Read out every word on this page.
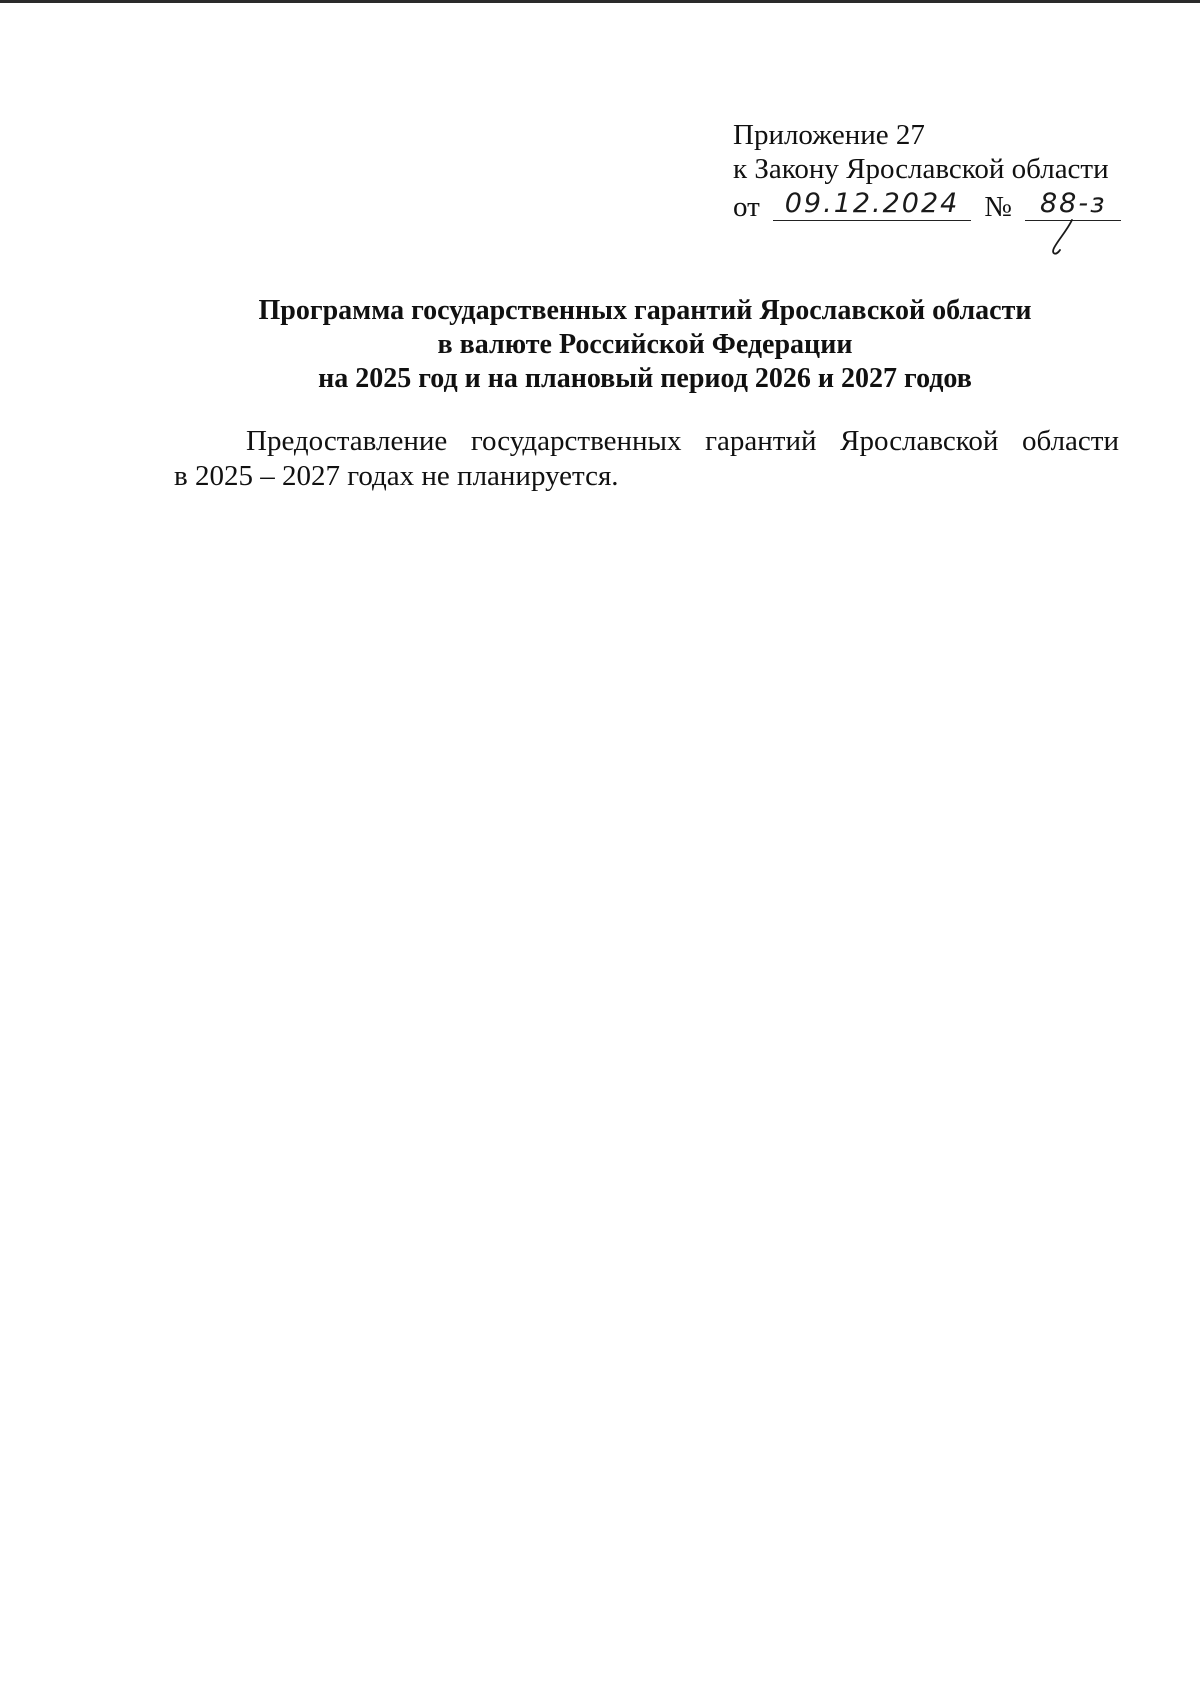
Приложение 27
к Закону Ярославской области
от 09.12.2024 № 88-з
Программа государственных гарантий Ярославской области
в валюте Российской Федерации
на 2025 год и на плановый период 2026 и 2027 годов
Предоставление государственных гарантий Ярославской области
в 2025 – 2027 годах не планируется.
